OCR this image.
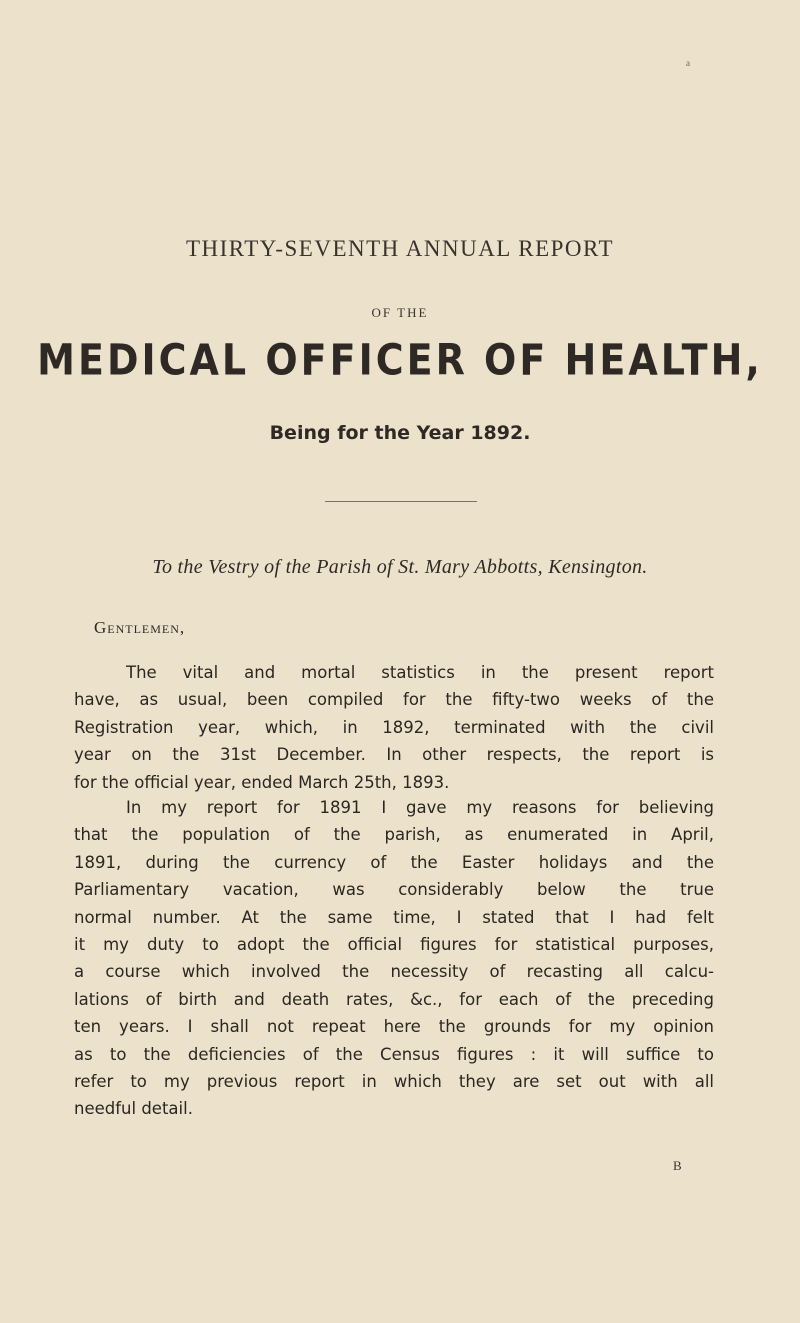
a
THIRTY-SEVENTH ANNUAL REPORT
OF THE
MEDICAL OFFICER OF HEALTH,
Being for the Year 1892.
To the Vestry of the Parish of St. Mary Abbotts, Kensington.
Gentlemen,
The vital and mortal statistics in the present report
have, as usual, been compiled for the fifty-two weeks of the
Registration year, which, in 1892, terminated with the civil
year on the 31st December. In other respects, the report is
for the official year, ended March 25th, 1893.
In my report for 1891 I gave my reasons for believing
that the population of the parish, as enumerated in April,
1891, during the currency of the Easter holidays and the
Parliamentary vacation, was considerably below the true
normal number. At the same time, I stated that I had felt
it my duty to adopt the official figures for statistical purposes,
a course which involved the necessity of recasting all calcu-
lations of birth and death rates, &c., for each of the preceding
ten years. I shall not repeat here the grounds for my opinion
as to the deficiencies of the Census figures : it will suffice to
refer to my previous report in which they are set out with all
needful detail.
B
